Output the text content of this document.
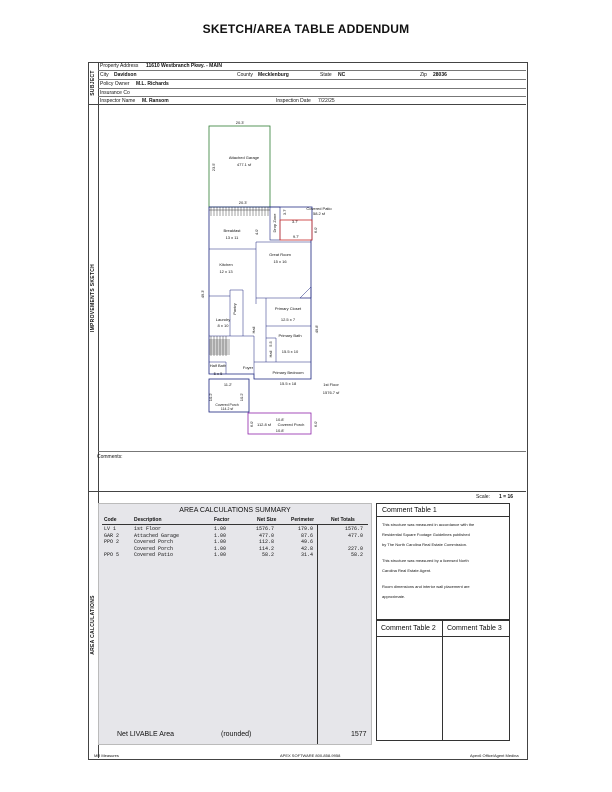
SKETCH/AREA TABLE ADDENDUM
SUBJECT
Property Address 11610 Westbranch Pkwy. - MAIN
City Davidson	County Mecklenburg	State NC	Zip 28036
Policy Owner M.L. Richards
Insurance Co
Inspector Name M. Ransom	Inspection Date 7/22/25
IMPROVEMENTS SKETCH
Attached Garage
477.1 sf
20.3'
23.5'
20.3'
Drop Zone
3.7'
4.0'
Covered Patio
58.2 sf
9.7'
6.0'
3.7'
Breakfast
13 x 11
Kitchen
12 x 13
Great Room
15 x 16
Pantry
Laundry
8 x 10
Hall
Hall
5.5
Primary Closet
12.5 x 7
Primary Bath
15.5 x 10
Half Bath
5 x 5
Foyer
Primary Bedroom
15.5 x 18	1st Floor
1576.7 sf
49.3'
49.8'
11.2'
10.2'	10.2'
Covered Porch
114.2 sf
10.8'
10.8'
112.8 sf Covered Porch
6.0'	6.0'
Comments:
AREA CALCULATIONS
Scale: 1 = 16
AREA CALCULATIONS SUMMARY
Code	Description	Factor	Net Size	Perimeter	Net Totals
LV 1	1st Floor	1.00	1576.7	179.0	1576.7
GAR 2	Attached Garage	1.00	477.0	87.6	477.0
PPO 2	Covered Porch	1.00	112.8	49.6
Covered Porch	1.00	114.2	42.8	227.0
PPO 5	Covered Patio	1.00	58.2	31.4	58.2
Net LIVABLE Area	(rounded)	1577
Comment Table 1
This structure was measured in accordance with the
Residential Square Footage Guidelines published
by The North Carolina Real Estate Commission.
This structure was measured by a licensed North
Carolina Real Estate Agent.
Room dimensions and interior wall placement are
approximate.
Comment Table 2 Comment Table 3
MR Measures	APEX SOFTWARE 800-858-9958	Apex6 Office/Agent Medina
